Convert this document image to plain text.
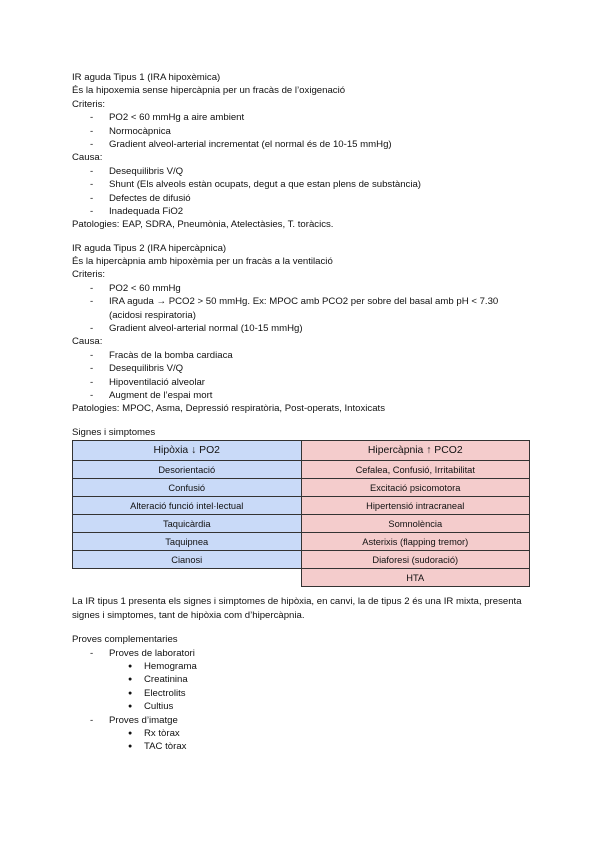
IR aguda Tipus 1 (IRA hipoxèmica)
És la hipoxemia sense hipercàpnia per un fracàs de l’oxigenació
Criteris:
- PO2 < 60 mmHg a aire ambient
- Normocàpnica
- Gradient alveol-arterial incrementat (el normal és de 10-15 mmHg)
Causa:
- Desequilibris V/Q
- Shunt (Els alveols estàn ocupats, degut a que estan plens de substància)
- Defectes de difusió
- Inadequada FiO2
Patologies: EAP, SDRA, Pneumònia, Atelectàsies, T. toràcics.
IR aguda Tipus 2 (IRA hipercàpnica)
És la hipercàpnia amb hipoxèmia per un fracàs a la ventilació
Criteris:
- PO2 < 60 mmHg
- IRA aguda → PCO2 > 50 mmHg. Ex: MPOC amb PCO2 per sobre del basal amb pH < 7.30
(acidosi respiratoria)
- Gradient alveol-arterial normal (10-15 mmHg)
Causa:
- Fracàs de la bomba cardiaca
- Desequilibris V/Q
- Hipoventilació alveolar
- Augment de l’espai mort
Patologies: MPOC, Asma, Depressió respiratòria, Post-operats, Intoxicats
Signes i simptomes
Hipòxia ↓ PO2	Hipercàpnia ↑ PCO2
Desorientació	Cefalea, Confusió, Irritabilitat
Confusió	Excitació psicomotora
Alteració funció intel·lectual	Hipertensió intracraneal
Taquicàrdia	Somnolència
Taquipnea	Asterixis (flapping tremor)
Cianosi	Diaforesi (sudoració)
	HTA
La IR tipus 1 presenta els signes i simptomes de hipòxia, en canvi, la de tipus 2 és una IR mixta, presenta signes i simptomes, tant de hipòxia com d’hipercàpnia.
Proves complementaries
- Proves de laboratori
● Hemograma
● Creatinina
● Electrolits
● Cultius
- Proves d’imatge
● Rx tòrax
● TAC tòrax
